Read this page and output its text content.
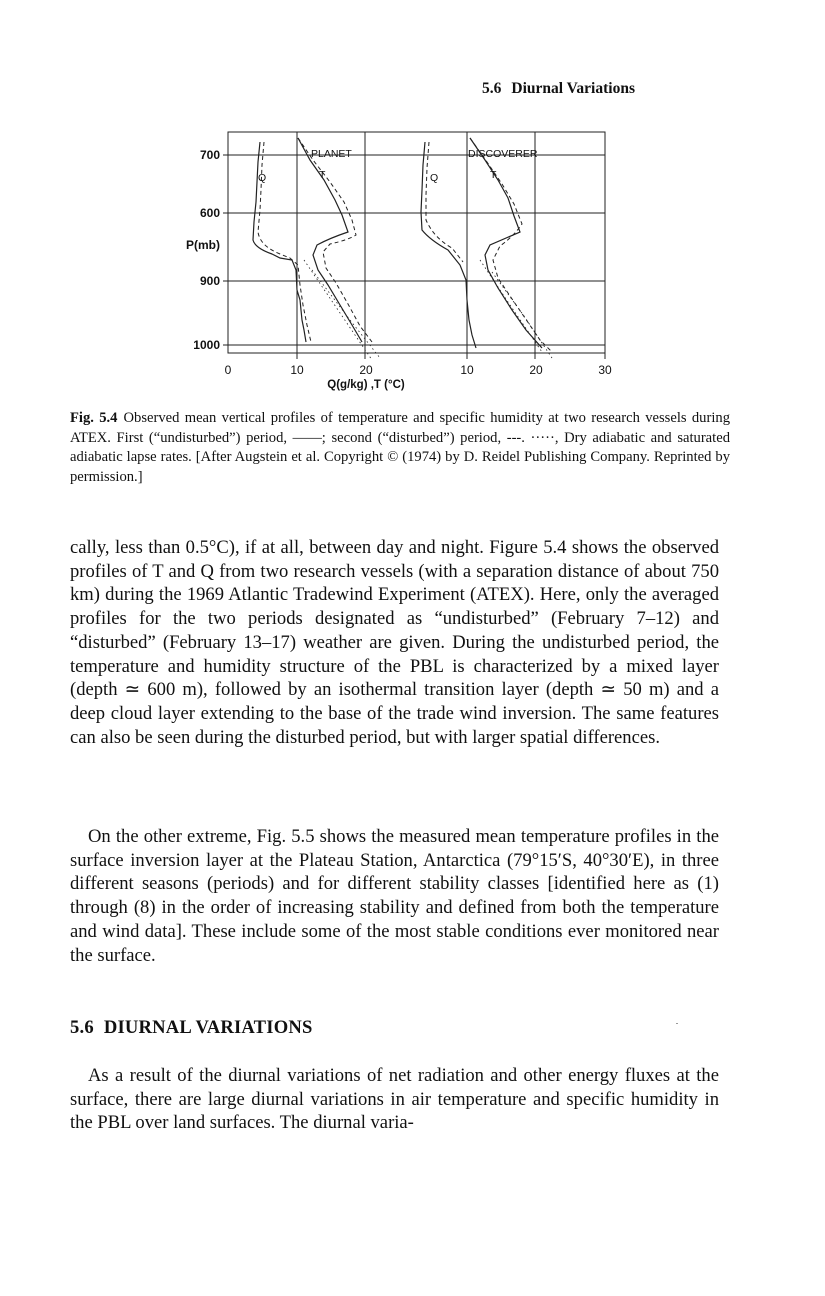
5.6 Diurnal Variations
700
600
P(mb)
900
1000
0	10	20	10	20	30
Q(g/kg) ,T (°C)
PLANET
Q	T
DISCOVERER
Q	T
Fig. 5.4 Observed mean vertical profiles of temperature and specific humidity at two research vessels during ATEX. First (“undisturbed”) period, ——; second (“disturbed”) period, ---. ·····, Dry adiabatic and saturated adiabatic lapse rates. [After Augstein et al. Copyright © (1974) by D. Reidel Publishing Company. Reprinted by permission.]

cally, less than 0.5°C), if at all, between day and night. Figure 5.4 shows the observed profiles of T and Q from two research vessels (with a separation distance of about 750 km) during the 1969 Atlantic Tradewind Experiment (ATEX). Here, only the averaged profiles for the two periods designated as “undisturbed” (February 7–12) and “disturbed” (February 13–17) weather are given. During the undisturbed period, the temperature and humidity structure of the PBL is characterized by a mixed layer (depth ≃ 600 m), followed by an isothermal transition layer (depth ≃ 50 m) and a deep cloud layer extending to the base of the trade wind inversion. The same features can also be seen during the disturbed period, but with larger spatial differences.

On the other extreme, Fig. 5.5 shows the measured mean temperature profiles in the surface inversion layer at the Plateau Station, Antarctica (79°15′S, 40°30′E), in three different seasons (periods) and for different stability classes [identified here as (1) through (8) in the order of increasing stability and defined from both the temperature and wind data]. These include some of the most stable conditions ever monitored near the surface.

5.6 DIURNAL VARIATIONS

As a result of the diurnal variations of net radiation and other energy fluxes at the surface, there are large diurnal variations in air temperature and specific humidity in the PBL over land surfaces. The diurnal varia-
